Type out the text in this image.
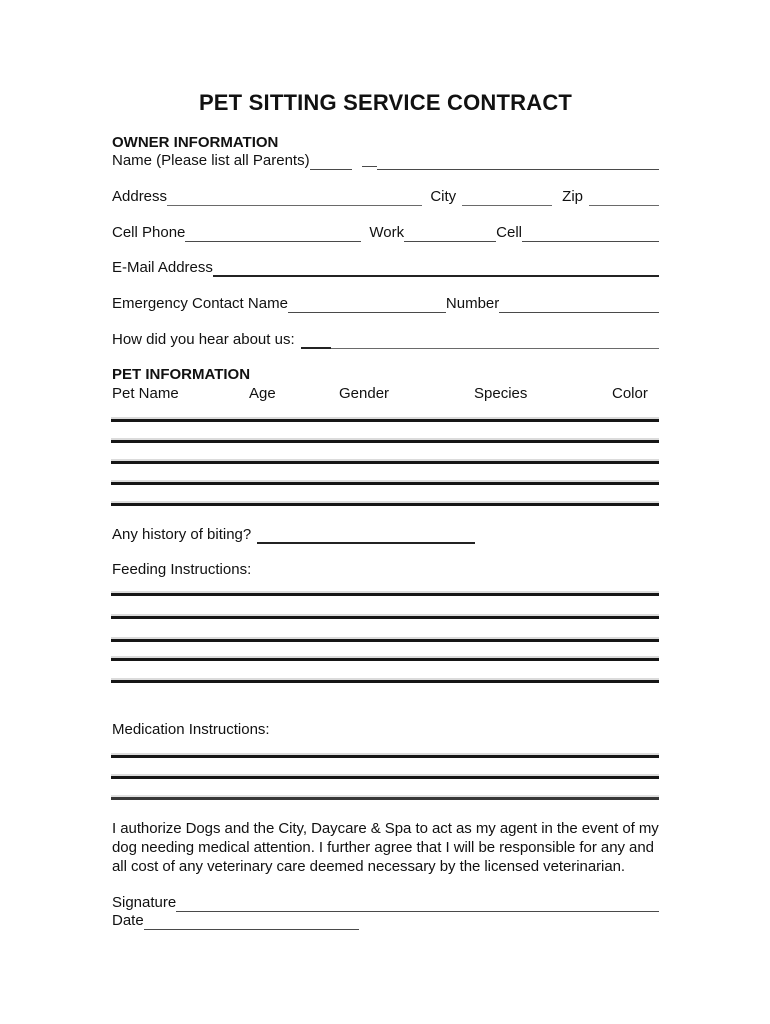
PET SITTING SERVICE CONTRACT
OWNER INFORMATION
Name (Please list all Parents)
Address	City	Zip
Cell Phone	Work	Cell
E-Mail Address
Emergency Contact Name	Number
How did you hear about us:
PET INFORMATION
Pet Name	Age	Gender	Species	Color
Any history of biting?
Feeding Instructions:
Medication Instructions:
I authorize Dogs and the City, Daycare & Spa to act as my agent in the event of my dog needing medical attention. I further agree that I will be responsible for any and all cost of any veterinary care deemed necessary by the licensed veterinarian.
Signature
Date
